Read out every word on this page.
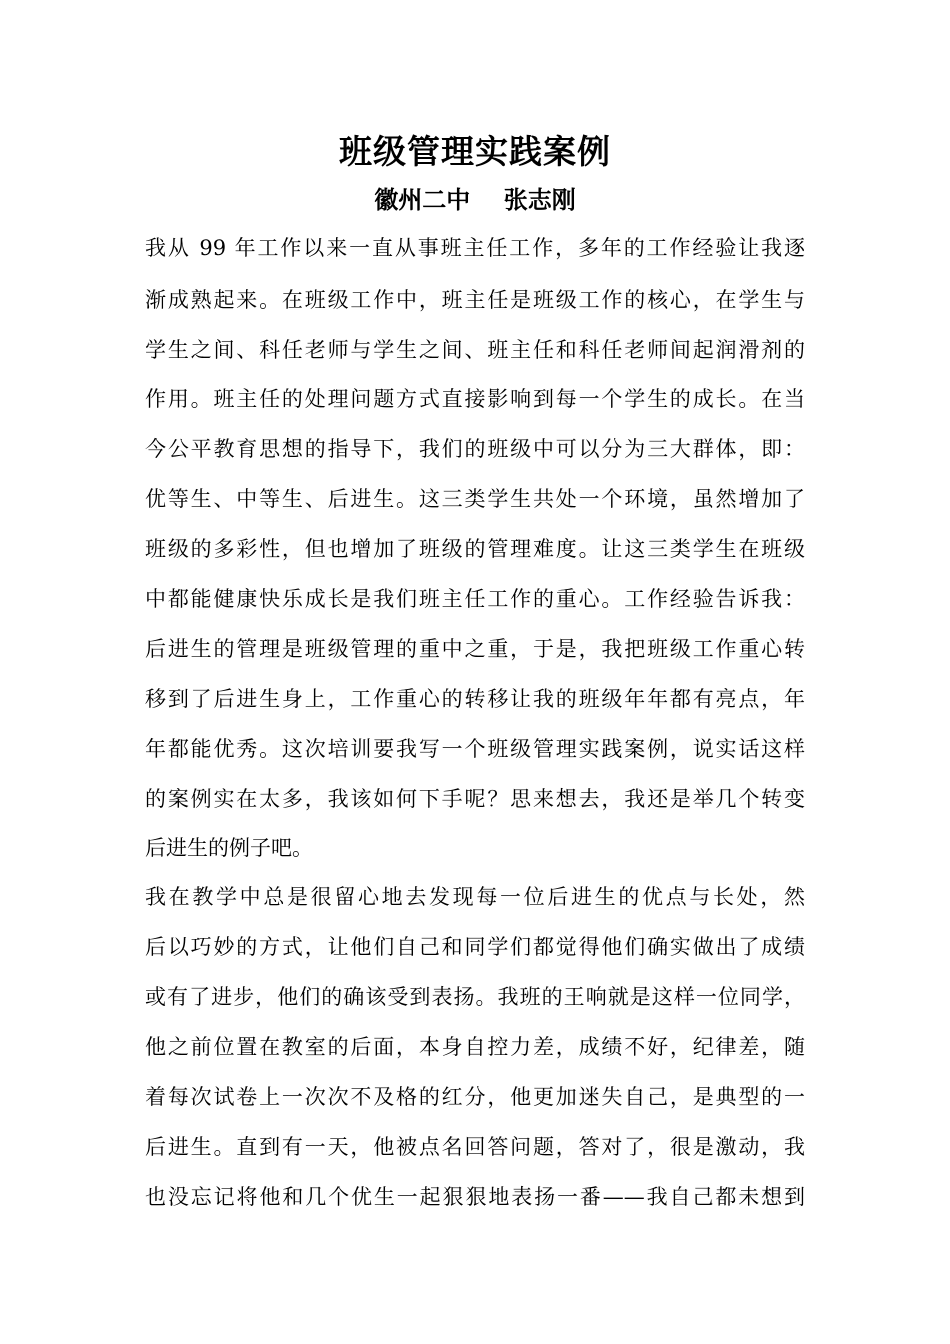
班级管理实践案例
徽州二中    张志刚
我从 99 年工作以来一直从事班主任工作，多年的工作经验让我逐
渐成熟起来。在班级工作中，班主任是班级工作的核心，在学生与
学生之间、科任老师与学生之间、班主任和科任老师间起润滑剂的
作用。班主任的处理问题方式直接影响到每一个学生的成长。在当
今公平教育思想的指导下，我们的班级中可以分为三大群体，即：
优等生、中等生、后进生。这三类学生共处一个环境，虽然增加了
班级的多彩性，但也增加了班级的管理难度。让这三类学生在班级
中都能健康快乐成长是我们班主任工作的重心。工作经验告诉我：
后进生的管理是班级管理的重中之重，于是，我把班级工作重心转
移到了后进生身上，工作重心的转移让我的班级年年都有亮点，年
年都能优秀。这次培训要我写一个班级管理实践案例，说实话这样
的案例实在太多，我该如何下手呢？思来想去，我还是举几个转变
后进生的例子吧。
我在教学中总是很留心地去发现每一位后进生的优点与长处，然
后以巧妙的方式，让他们自己和同学们都觉得他们确实做出了成绩
或有了进步，他们的确该受到表扬。我班的王响就是这样一位同学，
他之前位置在教室的后面，本身自控力差，成绩不好，纪律差，随
着每次试卷上一次次不及格的红分，他更加迷失自己，是典型的一
后进生。直到有一天，他被点名回答问题，答对了，很是激动，我
也没忘记将他和几个优生一起狠狠地表扬一番——我自己都未想到
